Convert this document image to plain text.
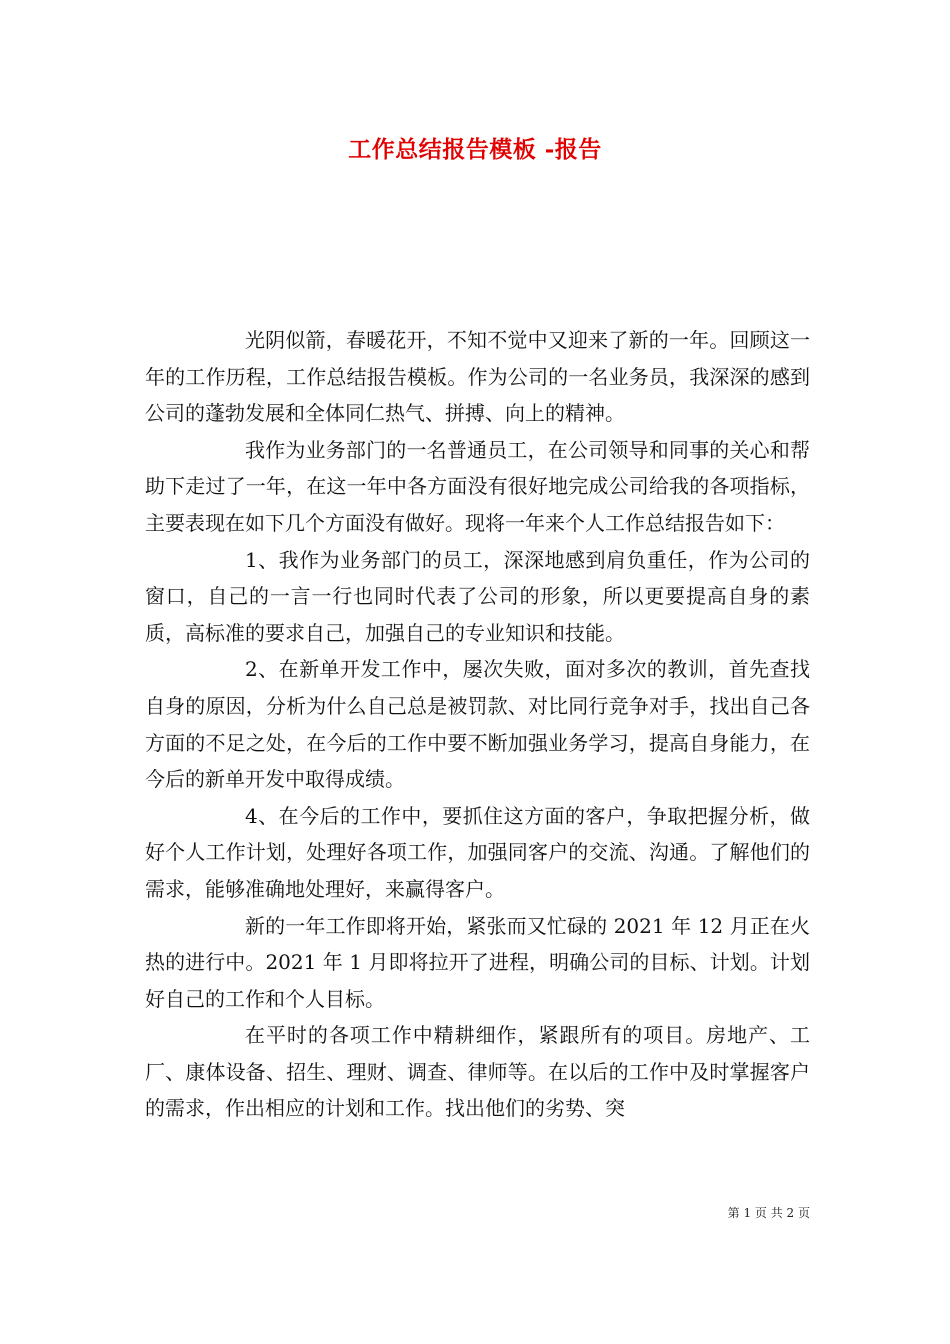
工作总结报告模板 -报告

光阴似箭，春暖花开，不知不觉中又迎来了新的一年。回顾这一年的工作历程，工作总结报告模板。作为公司的一名业务员，我深深的感到公司的蓬勃发展和全体同仁热气、拼搏、向上的精神。

我作为业务部门的一名普通员工，在公司领导和同事的关心和帮助下走过了一年，在这一年中各方面没有很好地完成公司给我的各项指标，主要表现在如下几个方面没有做好。现将一年来个人工作总结报告如下：

1、我作为业务部门的员工，深深地感到肩负重任，作为公司的窗口，自己的一言一行也同时代表了公司的形象，所以更要提高自身的素质，高标准的要求自己，加强自己的专业知识和技能。

2、在新单开发工作中，屡次失败，面对多次的教训，首先查找自身的原因，分析为什么自己总是被罚款、对比同行竞争对手，找出自己各方面的不足之处，在今后的工作中要不断加强业务学习，提高自身能力，在今后的新单开发中取得成绩。

4、在今后的工作中，要抓住这方面的客户，争取把握分析，做好个人工作计划，处理好各项工作，加强同客户的交流、沟通。了解他们的需求，能够准确地处理好，来赢得客户。

新的一年工作即将开始，紧张而又忙碌的 2021 年 12 月正在火热的进行中。2021 年 1 月即将拉开了进程，明确公司的目标、计划。计划好自己的工作和个人目标。

在平时的各项工作中精耕细作，紧跟所有的项目。房地产、工厂、康体设备、招生、理财、调查、律师等。在以后的工作中及时掌握客户的需求，作出相应的计划和工作。找出他们的劣势、突

第 1 页 共 2 页
